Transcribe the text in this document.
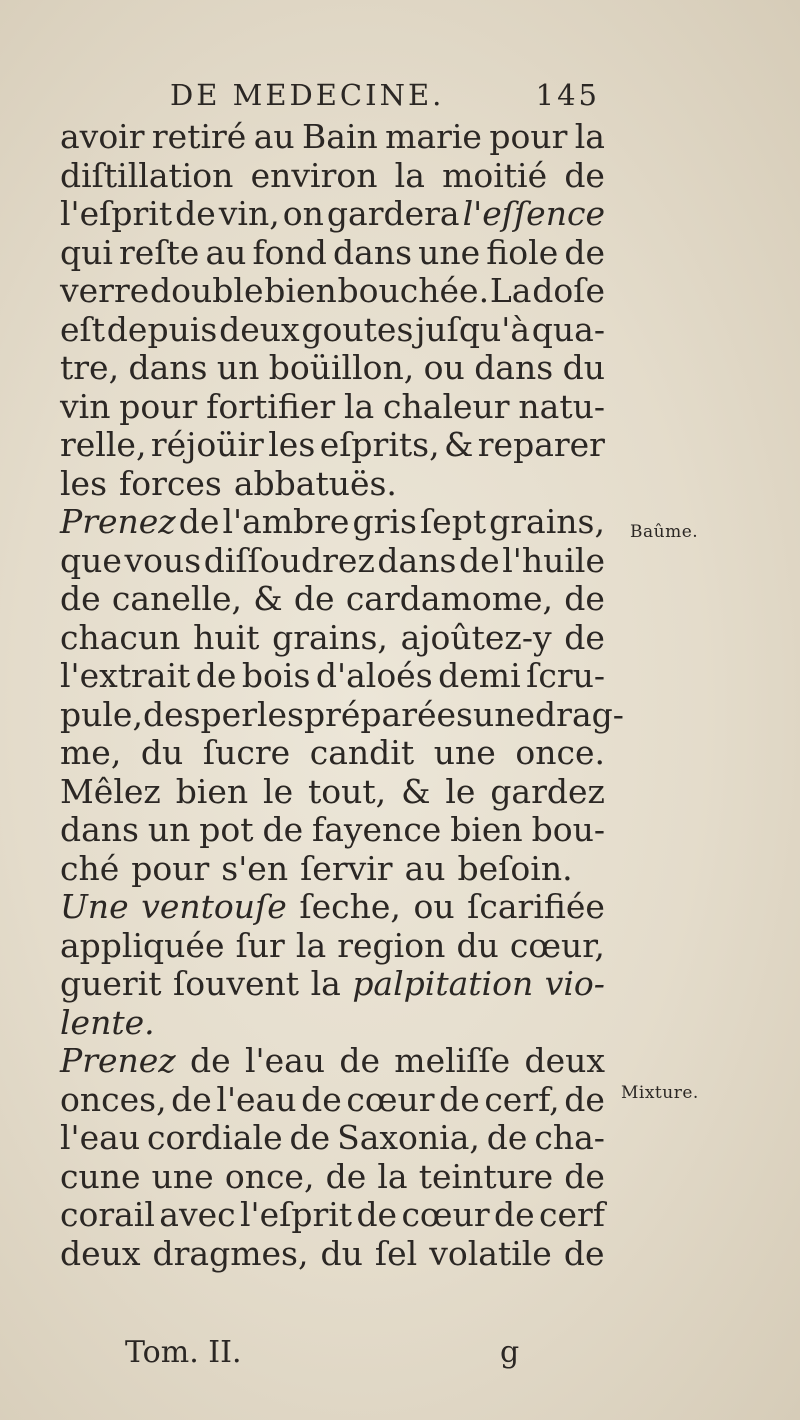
DE MEDECINE.	145
avoir retiré au Bain marie pour la
diſtillation environ la moitié de
l'eſprit de vin, on gardera l'eſſence
qui reſte au fond dans une fiole de
verre double bien bouchée. La doſe
eſt depuis deux goutes juſqu'à qua-
tre, dans un boüillon, ou dans du
vin pour fortifier la chaleur natu-
relle, réjoüir les eſprits, & reparer
les forces abbatuës.
Prenez de l'ambre gris ſept grains,
que vous diſſoudrez dans de l'huile
de canelle, & de cardamome, de
chacun huit grains, ajoûtez-y de
l'extrait de bois d'aloés demi ſcru-
pule, des perles préparées une drag-
me, du ſucre candit une once.
Mêlez bien le tout, & le gardez
dans un pot de fayence bien bou-
ché pour s'en ſervir au beſoin.
Une ventouſe ſeche, ou ſcarifiée
appliquée ſur la region du cœur,
guerit ſouvent la palpitation vio-
lente.
Prenez de l'eau de meliſſe deux
onces, de l'eau de cœur de cerf, de
l'eau cordiale de Saxonia, de cha-
cune une once, de la teinture de
corail avec l'eſprit de cœur de cerf
deux dragmes, du ſel volatile de
Baûme.
Mixture.
Tom. II.	g
